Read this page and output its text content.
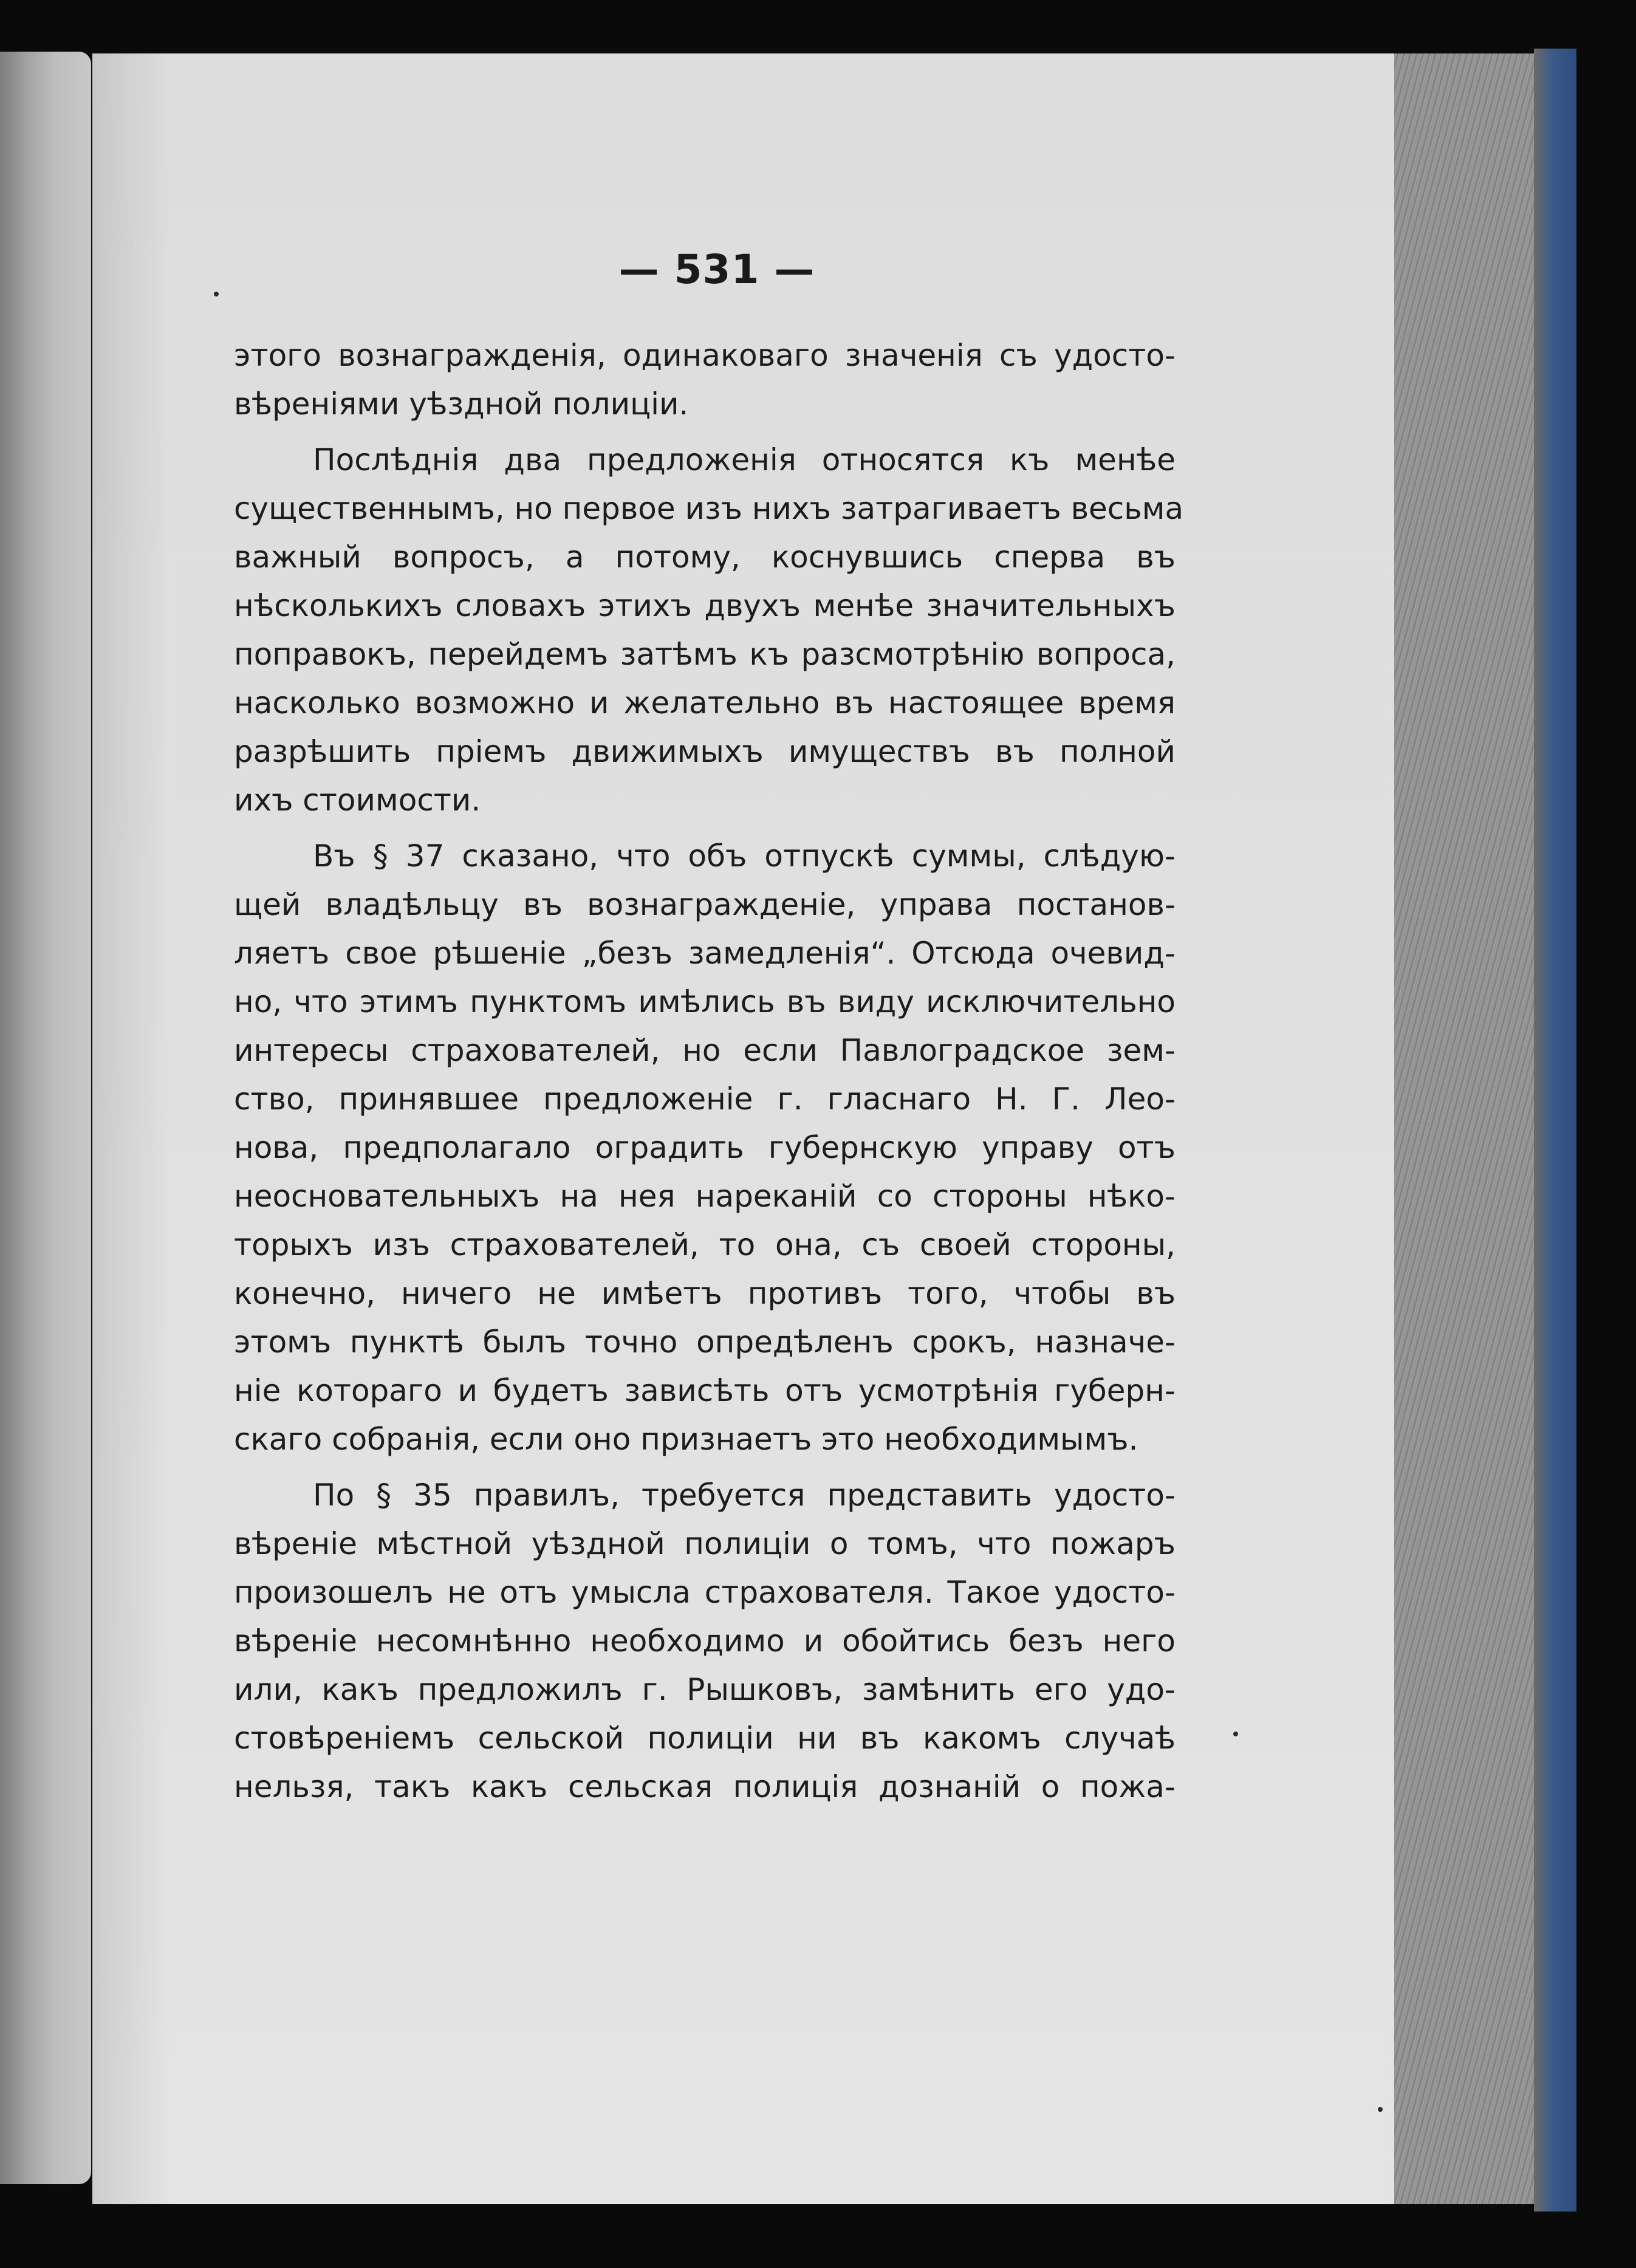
— 531 —
этого вознагражденія, одинаковаго значенія съ удосто-
вѣреніями уѣздной полиціи.
Послѣднія два предложенія относятся къ менѣе
существеннымъ, но первое изъ нихъ затрагиваетъ весьма
важный вопросъ, а потому, коснувшись сперва въ
нѣсколькихъ словахъ этихъ двухъ менѣе значительныхъ
поправокъ, перейдемъ затѣмъ къ разсмотрѣнію вопроса,
насколько возможно и желательно въ настоящее время
разрѣшить пріемъ движимыхъ имуществъ въ полной
ихъ стоимости.
Въ § 37 сказано, что объ отпускѣ суммы, слѣдую-
щей владѣльцу въ вознагражденіе, управа постанов-
ляетъ свое рѣшеніе „безъ замедленія“. Отсюда очевид-
но, что этимъ пунктомъ имѣлись въ виду исключительно
интересы страхователей, но если Павлоградское зем-
ство, принявшее предложеніе г. гласнаго Н. Г. Лео-
нова, предполагало оградить губернскую управу отъ
неосновательныхъ на нея нареканій со стороны нѣко-
торыхъ изъ страхователей, то она, съ своей стороны,
конечно, ничего не имѣетъ противъ того, чтобы въ
этомъ пунктѣ былъ точно опредѣленъ срокъ, назначе-
ніе котораго и будетъ зависѣть отъ усмотрѣнія губерн-
скаго собранія, если оно признаетъ это необходимымъ.
По § 35 правилъ, требуется представить удосто-
вѣреніе мѣстной уѣздной полиціи о томъ, что пожаръ
произошелъ не отъ умысла страхователя. Такое удосто-
вѣреніе несомнѣнно необходимо и обойтись безъ него
или, какъ предложилъ г. Рышковъ, замѣнить его удо-
стовѣреніемъ сельской полиціи ни въ какомъ случаѣ
нельзя, такъ какъ сельская полиція дознаній о пожа-
